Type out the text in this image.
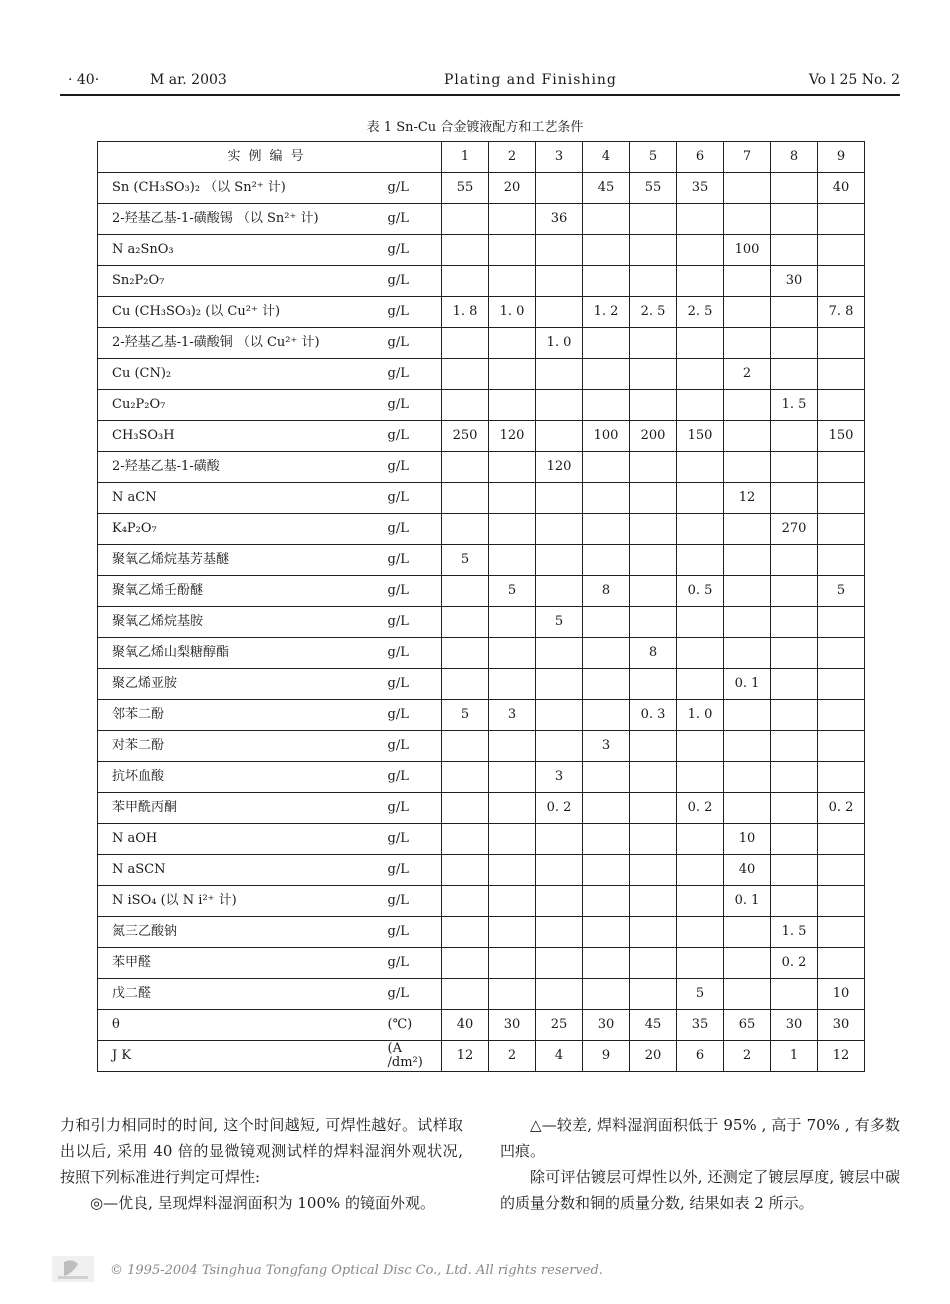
· 40·	M ar. 2003	Plating and Finishing	Vo l 25 No. 2
表 1 Sn-Cu 合金镀液配方和工艺条件
实例编号		1	2	3	4	5	6	7	8	9
Sn (CH₃SO₃)₂ （以 Sn²⁺ 计)	g/L	55	20		45	55	35			40
2-羟基乙基-1-磺酸锡 （以 Sn²⁺ 计)	g/L			36						
N a₂SnO₃	g/L							100		
Sn₂P₂O₇	g/L								30	
Cu (CH₃SO₃)₂ (以 Cu²⁺ 计)	g/L	1. 8	1. 0		1. 2	2. 5	2. 5			7. 8
2-羟基乙基-1-磺酸铜 （以 Cu²⁺ 计)	g/L			1. 0						
Cu (CN)₂	g/L							2		
Cu₂P₂O₇	g/L								1. 5	
CH₃SO₃H	g/L	250	120		100	200	150			150
2-羟基乙基-1-磺酸	g/L			120						
N aCN	g/L							12		
K₄P₂O₇	g/L								270	
聚氧乙烯烷基芳基醚	g/L	5								
聚氧乙烯壬酚醚	g/L		5		8		0. 5			5
聚氧乙烯烷基胺	g/L			5						
聚氧乙烯山梨糖醇酯	g/L					8				
聚乙烯亚胺	g/L							0. 1		
邻苯二酚	g/L	5	3			0. 3	1. 0			
对苯二酚	g/L				3					
抗坏血酸	g/L			3						
苯甲酰丙酮	g/L			0. 2			0. 2			0. 2
N aOH	g/L							10		
N aSCN	g/L							40		
N iSO₄ (以 N i²⁺ 计)	g/L							0. 1		
氮三乙酸钠	g/L								1. 5	
苯甲醛	g/L								0. 2	
戊二醛	g/L						5			10
θ	(℃)	40	30	25	30	45	35	65	30	30
J K	(A /dm²)	12	2	4	9	20	6	2	1	12

力和引力相同时的时间, 这个时间越短, 可焊性越好。试样取出以后, 采用 40 倍的显微镜观测试样的焊料湿润外观状况, 按照下列标准进行判定可焊性:

◎—优良, 呈现焊料湿润面积为 100% 的镜面外观。

△—较差, 焊料湿润面积低于 95% , 高于 70% , 有多数凹痕。

除可评估镀层可焊性以外, 还测定了镀层厚度, 镀层中碳的质量分数和铜的质量分数, 结果如表 2 所示。

© 1995-2004 Tsinghua Tongfang Optical Disc Co., Ltd. All rights reserved.
